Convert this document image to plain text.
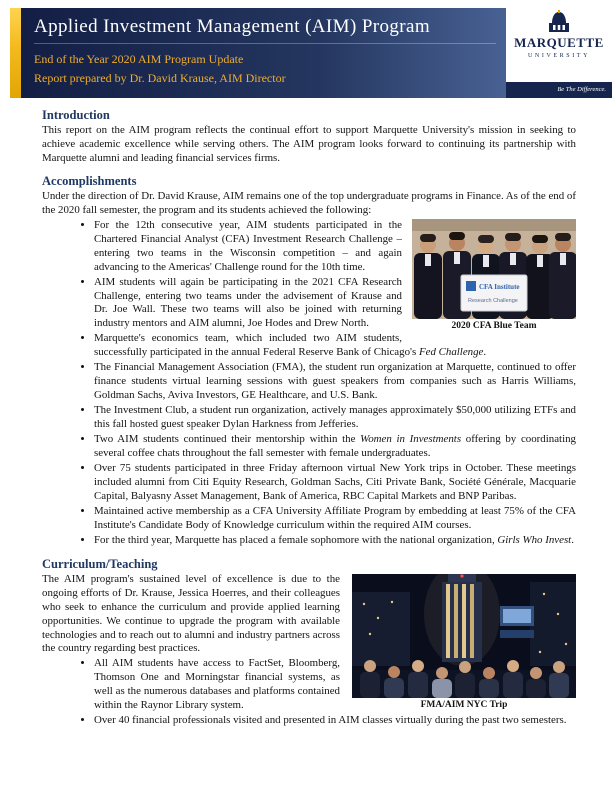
Applied Investment Management (AIM) Program
End of the Year 2020 AIM Program Update
Report prepared by Dr. David Krause, AIM Director
MARQUETTE
UNIVERSITY
Be The Difference.
Introduction

This report on the AIM program reflects the continual effort to support Marquette University's mission in seeking to achieve academic excellence while serving others. The AIM program looks forward to continuing its partnership with Marquette alumni and leading financial services firms.

Accomplishments

Under the direction of Dr. David Krause, AIM remains one of the top undergraduate programs in Finance. As of the end of the 2020 fall semester, the program and its students achieved the following:

CFA Institute
Research Challenge
2020 CFA Blue Team
• For the 12th consecutive year, AIM students participated in the Chartered Financial Analyst (CFA) Investment Research Challenge – entering two teams in the Wisconsin competition – and again advancing to the Americas' Challenge round for the 10th time.
• AIM students will again be participating in the 2021 CFA Research Challenge, entering two teams under the advisement of Krause and Dr. Joe Wall. These two teams will also be joined with returning industry mentors and AIM alumni, Joe Hodes and Drew North.
• Marquette's economics team, which included two AIM students, successfully participated in the annual Federal Reserve Bank of Chicago's Fed Challenge.
• The Financial Management Association (FMA), the student run organization at Marquette, continued to offer finance students virtual learning sessions with guest speakers from companies such as Harris Williams, Goldman Sachs, Aviva Investors, GE Healthcare, and U.S. Bank.
• The Investment Club, a student run organization, actively manages approximately $50,000 utilizing ETFs and this fall hosted guest speaker Dylan Harkness from Jefferies.
• Two AIM students continued their mentorship within the Women in Investments offering by coordinating several coffee chats throughout the fall semester with female undergraduates.
• Over 75 students participated in three Friday afternoon virtual New York trips in October. These meetings included alumni from Citi Equity Research, Goldman Sachs, Citi Private Bank, Société Générale, Macquarie Capital, Balyasny Asset Management, Bank of America, RBC Capital Markets and BNP Paribas.
• Maintained active membership as a CFA University Affiliate Program by embedding at least 75% of the CFA Institute's Candidate Body of Knowledge curriculum within the required AIM courses.
• For the third year, Marquette has placed a female sophomore with the national organization, Girls Who Invest.
Curriculum/Teaching
FMA/AIM NYC Trip

The AIM program's sustained level of excellence is due to the ongoing efforts of Dr. Krause, Jessica Hoerres, and their colleagues who seek to enhance the curriculum and provide applied learning opportunities. We continue to upgrade the program with available technologies and to reach out to alumni and industry partners across the country regarding best practices.

• All AIM students have access to FactSet, Bloomberg, Thomson One and Morningstar financial systems, as well as the numerous databases and platforms contained within the Raynor Library system.
• Over 40 financial professionals visited and presented in AIM classes virtually during the past two semesters.
